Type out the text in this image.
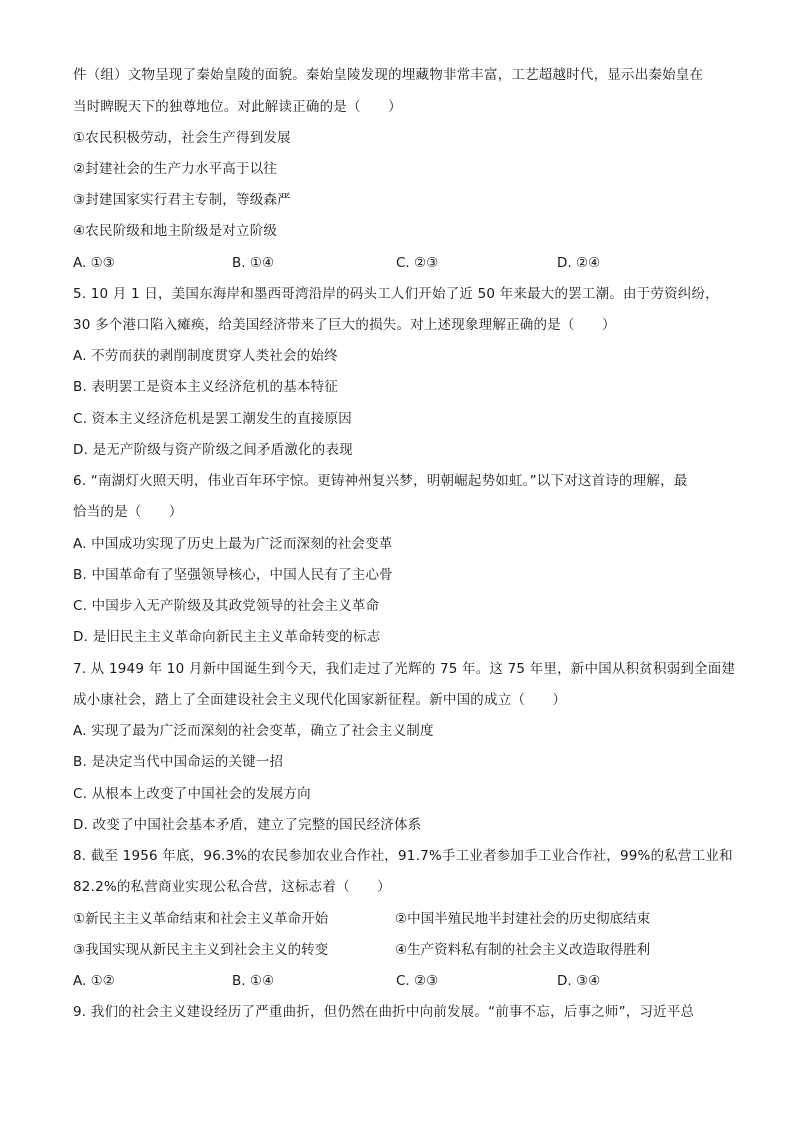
件（组）文物呈现了秦始皇陵的面貌。秦始皇陵发现的埋藏物非常丰富，工艺超越时代，显示出秦始皇在
当时睥睨天下的独尊地位。对此解读正确的是（　　）
①农民积极劳动，社会生产得到发展
②封建社会的生产力水平高于以往
③封建国家实行君主专制，等级森严
④农民阶级和地主阶级是对立阶级
A. ①③	B. ①④	C. ②③	D. ②④
5. 10 月 1 日，美国东海岸和墨西哥湾沿岸的码头工人们开始了近 50 年来最大的罢工潮。由于劳资纠纷，
30 多个港口陷入瘫痪，给美国经济带来了巨大的损失。对上述现象理解正确的是（　　）
A. 不劳而获的剥削制度贯穿人类社会的始终
B. 表明罢工是资本主义经济危机的基本特征
C. 资本主义经济危机是罢工潮发生的直接原因
D. 是无产阶级与资产阶级之间矛盾激化的表现
6. “南湖灯火照天明，伟业百年环宇惊。更铸神州复兴梦，明朝崛起势如虹。”以下对这首诗的理解，最
恰当的是（　　）
A. 中国成功实现了历史上最为广泛而深刻的社会变革
B. 中国革命有了坚强领导核心，中国人民有了主心骨
C. 中国步入无产阶级及其政党领导的社会主义革命
D. 是旧民主主义革命向新民主主义革命转变的标志
7. 从 1949 年 10 月新中国诞生到今天，我们走过了光辉的 75 年。这 75 年里，新中国从积贫积弱到全面建
成小康社会，踏上了全面建设社会主义现代化国家新征程。新中国的成立（　　）
A. 实现了最为广泛而深刻的社会变革，确立了社会主义制度
B. 是决定当代中国命运的关键一招
C. 从根本上改变了中国社会的发展方向
D. 改变了中国社会基本矛盾，建立了完整的国民经济体系
8. 截至 1956 年底，96.3%的农民参加农业合作社，91.7%手工业者参加手工业合作社，99%的私营工业和
82.2%的私营商业实现公私合营，这标志着（　　）
①新民主主义革命结束和社会主义革命开始	②中国半殖民地半封建社会的历史彻底结束
③我国实现从新民主主义到社会主义的转变	④生产资料私有制的社会主义改造取得胜利
A. ①②	B. ①④	C. ②③	D. ③④
9. 我们的社会主义建设经历了严重曲折，但仍然在曲折中向前发展。“前事不忘，后事之师”，习近平总
